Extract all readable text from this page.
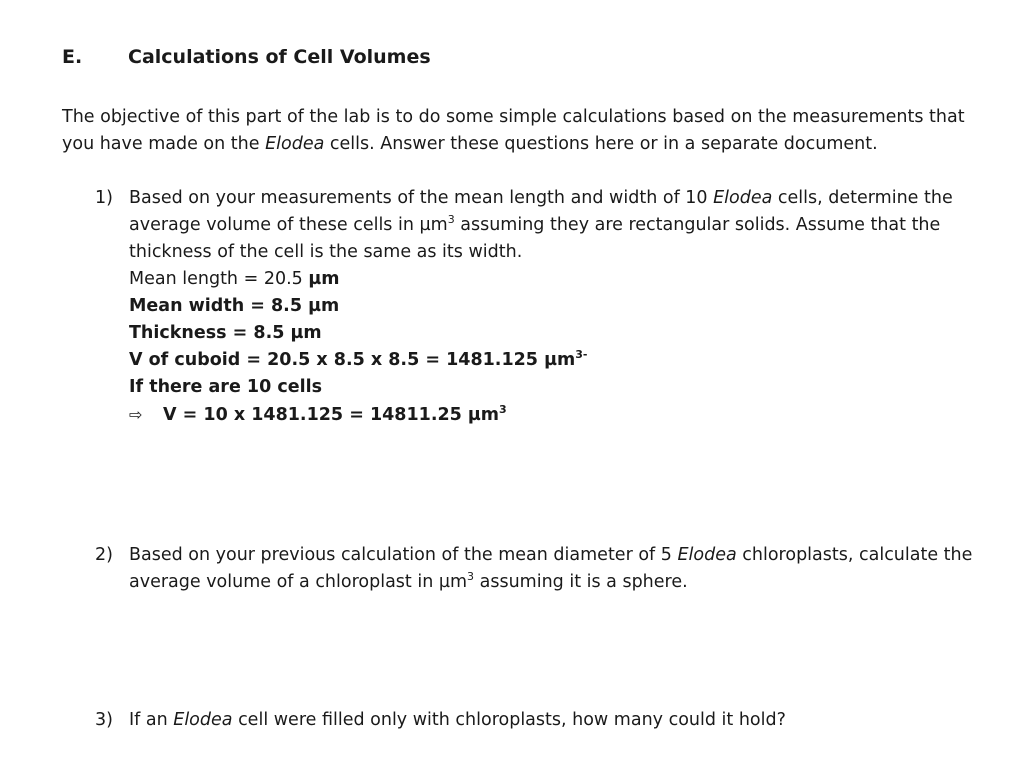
E. Calculations of Cell Volumes
The objective of this part of the lab is to do some simple calculations based on the measurements that you have made on the Elodea cells. Answer these questions here or in a separate document.
1) Based on your measurements of the mean length and width of 10 Elodea cells, determine the average volume of these cells in µm$^3$ assuming they are rectangular solids. Assume that the thickness of the cell is the same as its width.
Mean length = 20.5 µm
Mean width = 8.5 µm
Thickness = 8.5 µm
V of cuboid = 20.5 x 8.5 x 8.5 = 1481.125 µm$^{3-}$
If there are 10 cells
⇨ V = 10 x 1481.125 = 14811.25 µm$^3$
2) Based on your previous calculation of the mean diameter of 5 Elodea chloroplasts, calculate the average volume of a chloroplast in µm$^3$ assuming it is a sphere.
3) If an Elodea cell were filled only with chloroplasts, how many could it hold?
